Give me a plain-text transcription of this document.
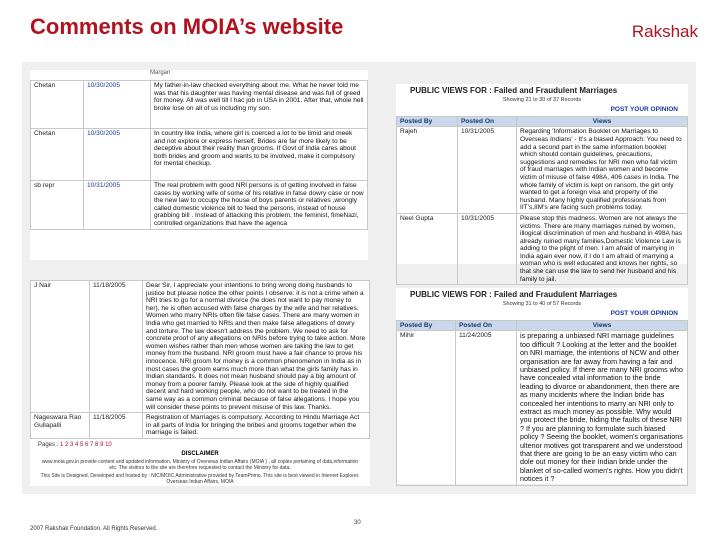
Comments on MOIA’s website	Rakshak
Margan
Chetan	10/30/2005	My father-in-law checked everything about me. What he never told me was that his daughter was having mental disease and was full of greed for money. All was well till I hac job in USA in 2001. After that, whole hell broke lose on all of us including my son.
Chetan	10/30/2005	In country like India, where girl is coerced a lot to be timid and meek and not explore or express herself, Brides are far more likely to be deceptive about their reality than grooms. If Govt of India cares about both brides and groom and wants to be involved, make it compulsory for mental checkup.
sb repr	10/31/2005	The real problem with good NRI persons is of getting involved in false cases by working wife of some of his relative in false dowry case or now the new law to occupy the house of boys parents or relatives ,wrongly called domestic violence bill to feed the persons, instead of house grabbing bill . Instead of attacking this problem, the feminist, fimeNazi, controlled organizations that have the agenca
PUBLIC VIEWS FOR : Failed and Fraudulent Marriages
Showing 21 to 30 of 37 Records
POST YOUR OPINION
Posted By	Posted On	Views
Rajeh	10/31/2005	Regarding 'Information Booklet on Marriages to Overseas Indians' - It's a biased Approach: You need to add a second part in the same information booklet which should contain guidelines, precautions, suggestions and remedies for NRI men who fall victim of fraud marriages with Indian women and become victim of misuse of false 498A, 406 cases in India. The whole family of victim is kept on ransom, the girl only wanted to get a foreign visa and property of the husband. Many highly qualified professionals from IIT's,IIM's are facing such problems today.
Neel Gupta	10/31/2005	Please stop this madness. Women are not always the victims. There are many marriages ruined by women, illogical discrimination of men and husband in 498A has already ruined many families,Domestic Violence Law is adding to the plight of men. I am afraid of marrying in India again ever now, if I do I am afraid of marrying a woman who is well educated and knows her rights, so that she can use the law to send her husband and his family to jail.
J Nair	11/18/2005	Dear Sir, I appreciate your intentions to bring wrong doing husbands to justice but please notice the other points I observe: it is not a crime when a NRI tries to go for a normal divorce (he does not want to pay money to her), he is often accused with false charges by the wife and her relatives. Women who marry NRIs often file false cases. There are many women in India who get married to NRIs and then make false allegations of dowry and torture. The law doesn't address the problem. We need to ask for concrete proof of any allegations on NRIs before trying to take action. More women wishes rather than men whose women are taking the law to get money from the husband. NRI groom must have a fair chance to prove his innocence. NRI groom for money is a common phenomenon in India as in most cases the groom earns much more than what the girls family has in Indian standards. It does not mean husband should pay a big amount of money from a poorer family. Please look at the side of highly qualified decent and hard working people, who do not want to be treated in the same way as a common criminal because of false allegations. I hope you will consider these points to prevent misuse of this law. Thanks.
Nageswara Rao Gullapalli	11/18/2005	Registration of Marriages is compulsory. According to Hindu Marriage Act in all parts of India for bringing the bribes and grooms together when the marriage is failed.
Pages : 1 2 3 4 5 6 7 8 9 10
DISCLAIMER
www.moia.gov.in provide content and updated information, Ministry of Overseas Indian Affairs (MOIA ) , all copies pertaining of data,information etc. The visitors to the site are therefore requested to contact the Ministry for data.
This Site is Designed, Developed and hosted by : NIC/MOIC Administrative provided by TeamPrimo. This site is best viewed in Internet Explorer. Overseas Indian Affairs, MOIA
PUBLIC VIEWS FOR : Failed and Fraudulent Marriages
Showing 31 to 40 of 57 Records
POST YOUR OPINION
Posted By	Posted On	Views
Mihir	11/24/2005	is preparing a unbiased NRI marriage guidelines too difficult ? Looking at the letter and the booklet on NRI marriage, the intentions of NCW and other organisation are far away from having a fair and unbiased policy. If there are many NRI grooms who have concealed vital information to the bride leading to divorce or abandonment, then there are as many incidents where the Indian bride has concealed her intentions to marry an NRI only to extract as much money as possible. Why would you protect the bride, hiding the faults of these NRI ? If you are planning to formulate such biased policy ? Seeing the booklet, women's organisations ulterior motives got transparent and we understood that there are going to be an easy victim who can dole out money for their Indian bride under the blanket of so-called women's rights. How you didn't notices it ?
2007 Rakshak Foundation. All Rights Reserved.
30
